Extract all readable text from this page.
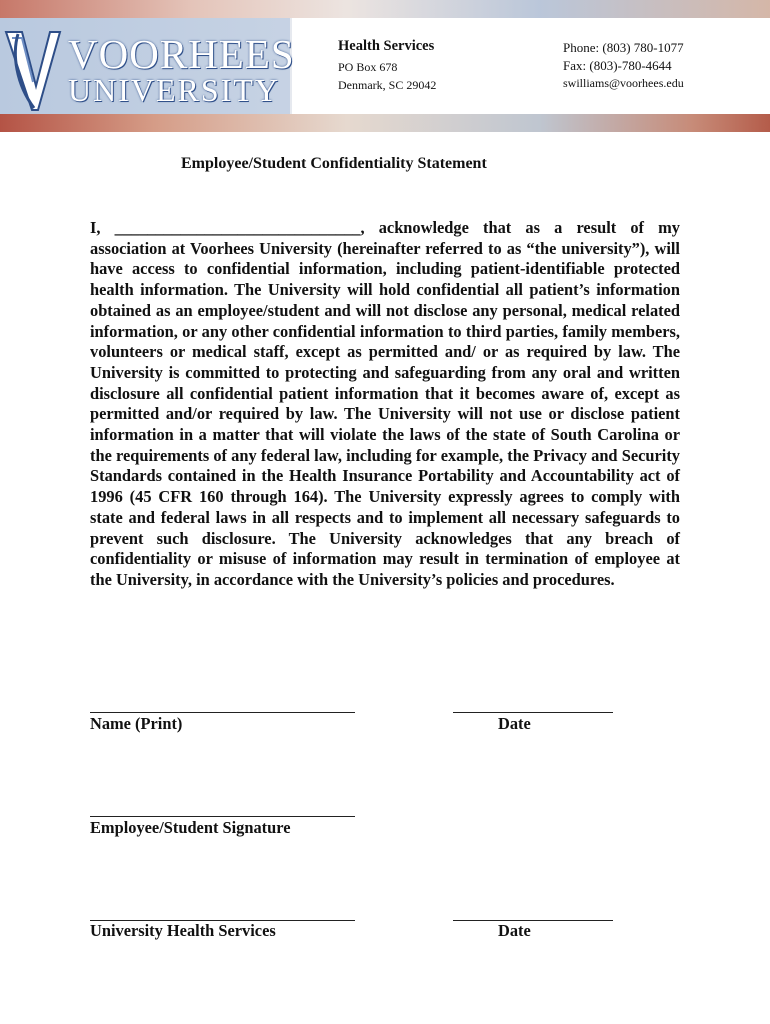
VOORHEES
UNIVERSITY
Health Services
PO Box 678
Denmark, SC 29042
Phone: (803) 780-1077
Fax: (803)-780-4644
swilliams@voorhees.edu
Employee/Student Confidentiality Statement
I, ______________________________, acknowledge that as a result of my association at Voorhees University (hereinafter referred to as “the university”), will have access to confidential information, including patient-identifiable protected health information. The University will hold confidential all patient’s information obtained as an employee/student and will not disclose any personal, medical related information, or any other confidential information to third parties, family members, volunteers or medical staff, except as permitted and/ or as required by law. The University is committed to protecting and safeguarding from any oral and written disclosure all confidential patient information that it becomes aware of, except as permitted and/or required by law. The University will not use or disclose patient information in a matter that will violate the laws of the state of South Carolina or the requirements of any federal law, including for example, the Privacy and Security Standards contained in the Health Insurance Portability and Accountability act of 1996 (45 CFR 160 through 164). The University expressly agrees to comply with state and federal laws in all respects and to implement all necessary safeguards to prevent such disclosure. The University acknowledges that any breach of confidentiality or misuse of information may result in termination of employee at the University, in accordance with the University’s policies and procedures.
Name (Print)	Date
Employee/Student Signature
University Health Services	Date
